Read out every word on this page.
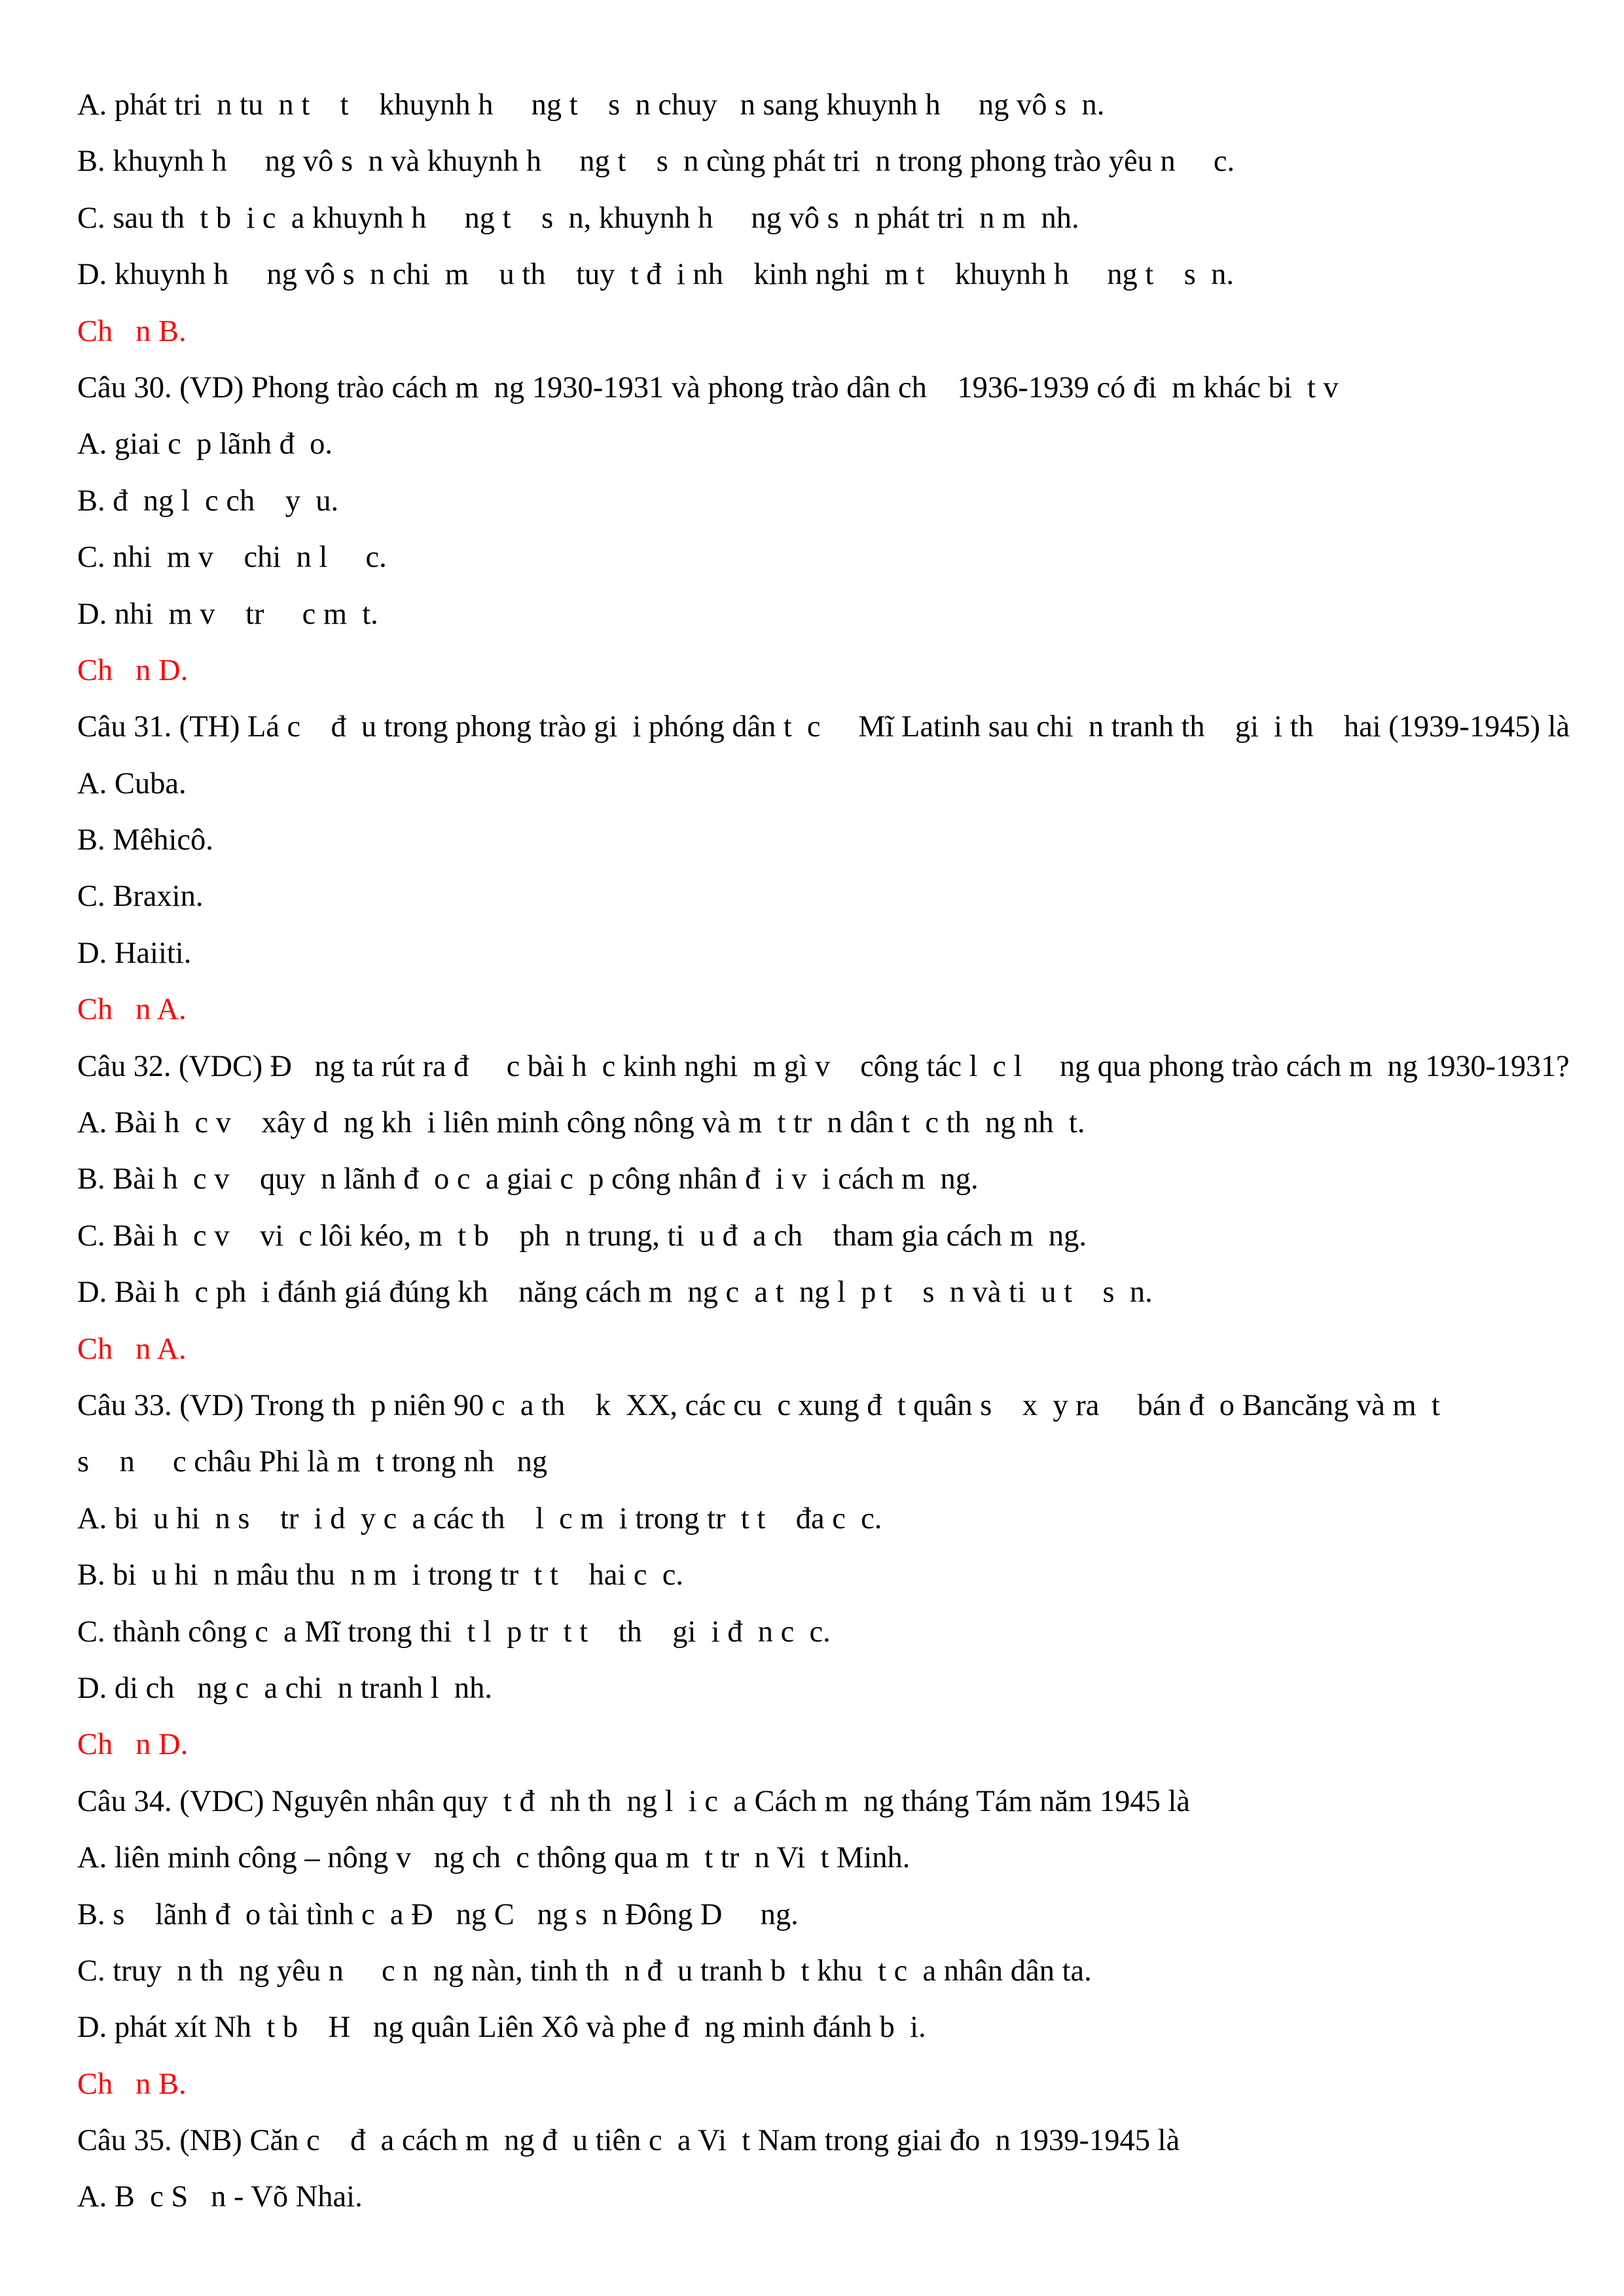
A. phát tri  n tu  n t    t    khuynh h     ng t    s  n chuy   n sang khuynh h     ng vô s  n.
B. khuynh h     ng vô s  n và khuynh h     ng t    s  n cùng phát tri  n trong phong trào yêu n     c.
C. sau th  t b  i c  a khuynh h     ng t    s  n, khuynh h     ng vô s  n phát tri  n m  nh.
D. khuynh h     ng vô s  n chi  m    u th    tuy  t đ  i nh    kinh nghi  m t    khuynh h     ng t    s  n.
Ch   n B.
Câu 30. (VD) Phong trào cách m  ng 1930-1931 và phong trào dân ch    1936-1939 có đi  m khác bi  t v
A. giai c  p lãnh đ  o.
B. đ  ng l  c ch    y  u.
C. nhi  m v    chi  n l     c.
D. nhi  m v    tr     c m  t.
Ch   n D.
Câu 31. (TH) Lá c    đ  u trong phong trào gi  i phóng dân t  c     Mĩ Latinh sau chi  n tranh th    gi  i th    hai (1939-1945) là
A. Cuba.
B. Mêhicô.
C. Braxin.
D. Haiiti.
Ch   n A.
Câu 32. (VDC) Đ   ng ta rút ra đ     c bài h  c kinh nghi  m gì v    công tác l  c l     ng qua phong trào cách m  ng 1930-1931?
A. Bài h  c v    xây d  ng kh  i liên minh công nông và m  t tr  n dân t  c th  ng nh  t.
B. Bài h  c v    quy  n lãnh đ  o c  a giai c  p công nhân đ  i v  i cách m  ng.
C. Bài h  c v    vi  c lôi kéo, m  t b    ph  n trung, ti  u đ  a ch    tham gia cách m  ng.
D. Bài h  c ph  i đánh giá đúng kh    năng cách m  ng c  a t  ng l  p t    s  n và ti  u t    s  n.
Ch   n A.
Câu 33. (VD) Trong th  p niên 90 c  a th    k  XX, các cu  c xung đ  t quân s    x  y ra     bán đ  o Bancăng và m  t
s    n     c châu Phi là m  t trong nh   ng
A. bi  u hi  n s    tr  i d  y c  a các th    l  c m  i trong tr  t t    đa c  c.
B. bi  u hi  n mâu thu  n m  i trong tr  t t    hai c  c.
C. thành công c  a Mĩ trong thi  t l  p tr  t t    th    gi  i đ  n c  c.
D. di ch   ng c  a chi  n tranh l  nh.
Ch   n D.
Câu 34. (VDC) Nguyên nhân quy  t đ  nh th  ng l  i c  a Cách m  ng tháng Tám năm 1945 là
A. liên minh công – nông v   ng ch  c thông qua m  t tr  n Vi  t Minh.
B. s    lãnh đ  o tài tình c  a Đ   ng C   ng s  n Đông D     ng.
C. truy  n th  ng yêu n     c n  ng nàn, tinh th  n đ  u tranh b  t khu  t c  a nhân dân ta.
D. phát xít Nh  t b    H   ng quân Liên Xô và phe đ  ng minh đánh b  i.
Ch   n B.
Câu 35. (NB) Căn c    đ  a cách m  ng đ  u tiên c  a Vi  t Nam trong giai đo  n 1939-1945 là
A. B  c S   n - Võ Nhai.
